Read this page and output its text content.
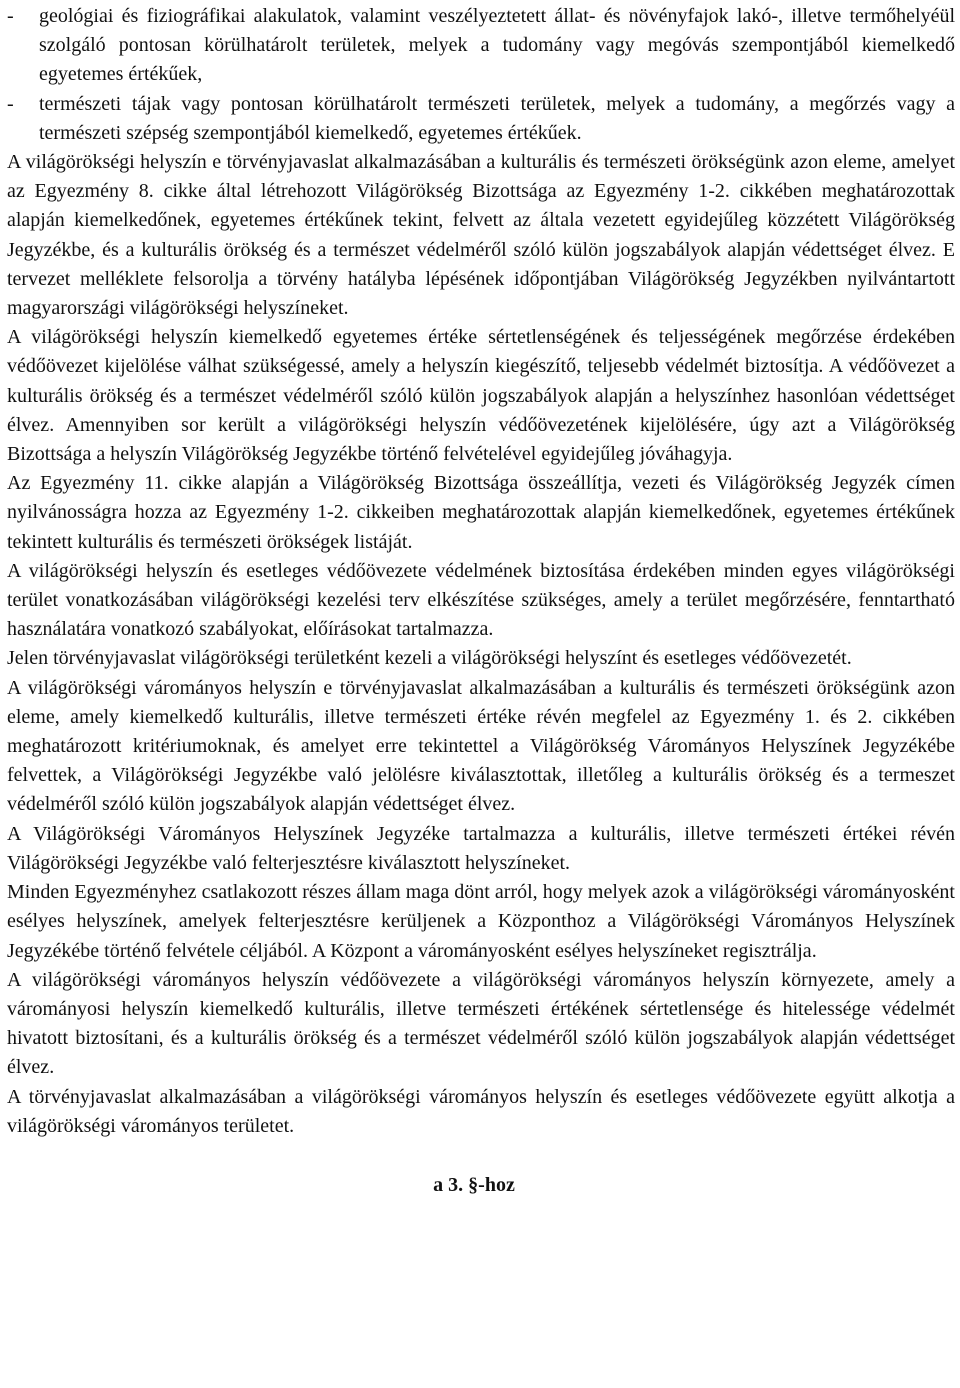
-	geológiai és fiziográfikai alakulatok, valamint veszélyeztetett állat- és növényfajok lakó-, illetve termőhelyéül szolgáló pontosan körülhatárolt területek, melyek a tudomány vagy megóvás szempontjából kiemelkedő egyetemes értékűek,
-	természeti tájak vagy pontosan körülhatárolt természeti területek, melyek a tudomány, a megőrzés vagy a természeti szépség szempontjából kiemelkedő, egyetemes értékűek.

A világörökségi helyszín e törvényjavaslat alkalmazásában a kulturális és természeti örökségünk azon eleme, amelyet az Egyezmény 8. cikke által létrehozott Világörökség Bizottsága az Egyezmény 1-2. cikkében meghatározottak alapján kiemelkedőnek, egyetemes értékűnek tekint, felvett az általa vezetett egyidejűleg közzétett Világörökség Jegyzékbe, és a kulturális örökség és a természet védelméről szóló külön jogszabályok alapján védettséget élvez. E tervezet melléklete felsorolja a törvény hatályba lépésének időpontjában Világörökség Jegyzékben nyilvántartott magyarországi világörökségi helyszíneket.

A világörökségi helyszín kiemelkedő egyetemes értéke sértetlenségének és teljességének megőrzése érdekében védőövezet kijelölése válhat szükségessé, amely a helyszín kiegészítő, teljesebb védelmét biztosítja. A védőövezet a kulturális örökség és a természet védelméről szóló külön jogszabályok alapján a helyszínhez hasonlóan védettséget élvez. Amennyiben sor került a világörökségi helyszín védőövezetének kijelölésére, úgy azt a Világörökség Bizottsága a helyszín Világörökség Jegyzékbe történő felvételével egyidejűleg jóváhagyja.

Az Egyezmény 11. cikke alapján a Világörökség Bizottsága összeállítja, vezeti és Világörökség Jegyzék címen nyilvánosságra hozza az Egyezmény 1-2. cikkeiben meghatározottak alapján kiemelkedőnek, egyetemes értékűnek tekintett kulturális és természeti örökségek listáját.

A világörökségi helyszín és esetleges védőövezete védelmének biztosítása érdekében minden egyes világörökségi terület vonatkozásában világörökségi kezelési terv elkészítése szükséges, amely a terület megőrzésére, fenntartható használatára vonatkozó szabályokat, előírásokat tartalmazza.

Jelen törvényjavaslat világörökségi területként kezeli a világörökségi helyszínt és esetleges védőövezetét.

A világörökségi várományos helyszín e törvényjavaslat alkalmazásában a kulturális és természeti örökségünk azon eleme, amely kiemelkedő kulturális, illetve természeti értéke révén megfelel az Egyezmény 1. és 2. cikkében meghatározott kritériumoknak, és amelyet erre tekintettel a Világörökség Várományos Helyszínek Jegyzékébe felvettek, a Világörökségi Jegyzékbe való jelölésre kiválasztottak, illetőleg a kulturális örökség és a termeszet védelméről szóló külön jogszabályok alapján védettséget élvez.

A Világörökségi Várományos Helyszínek Jegyzéke tartalmazza a kulturális, illetve természeti értékei révén Világörökségi Jegyzékbe való felterjesztésre kiválasztott helyszíneket.

Minden Egyezményhez csatlakozott részes állam maga dönt arról, hogy melyek azok a világörökségi várományosként esélyes helyszínek, amelyek felterjesztésre kerüljenek a Központhoz a Világörökségi Várományos Helyszínek Jegyzékébe történő felvétele céljából. A Központ a várományosként esélyes helyszíneket regisztrálja.

A világörökségi várományos helyszín védőövezete a világörökségi várományos helyszín környezete, amely a várományosi helyszín kiemelkedő kulturális, illetve természeti értékének sértetlensége és hitelessége védelmét hivatott biztosítani, és a kulturális örökség és a természet védelméről szóló külön jogszabályok alapján védettséget élvez.

A törvényjavaslat alkalmazásában a világörökségi várományos helyszín és esetleges védőövezete együtt alkotja a világörökségi várományos területet.

a 3. §-hoz
